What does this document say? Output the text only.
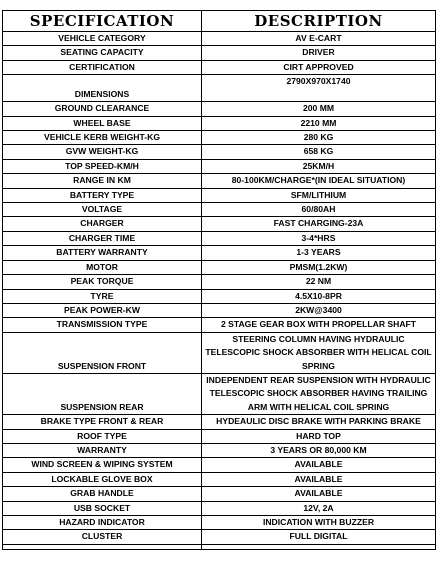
SPECIFICATION	DESCRIPTION
VEHICLE CATEGORY	AV E-CART
SEATING CAPACITY	DRIVER
CERTIFICATION	CIRT APPROVED
DIMENSIONS	2790X970X1740
GROUND CLEARANCE	200 MM
WHEEL BASE	2210 MM
VEHICLE KERB WEIGHT-KG	280 KG
GVW WEIGHT-KG	658 KG
TOP SPEED-KM/H	25KM/H
RANGE IN KM	80-100KM/CHARGE*(IN IDEAL SITUATION)
BATTERY TYPE	SFM/LITHIUM
VOLTAGE	60/80AH
CHARGER	FAST CHARGING-23A
CHARGER TIME	3-4*HRS
BATTERY WARRANTY	1-3 YEARS
MOTOR	PMSM(1.2KW)
PEAK TORQUE	22 NM
TYRE	4.5X10-8PR
PEAK POWER-KW	2KW@3400
TRANSMISSION TYPE	2 STAGE GEAR BOX WITH PROPELLAR SHAFT
SUSPENSION FRONT	STEERING COLUMN HAVING HYDRAULIC TELESCOPIC SHOCK ABSORBER WITH HELICAL COIL SPRING
SUSPENSION REAR	INDEPENDENT REAR SUSPENSION WITH HYDRAULIC TELESCOPIC SHOCK ABSORBER HAVING TRAILING ARM WITH HELICAL COIL SPRING
BRAKE TYPE FRONT & REAR	HYDEAULIC DISC BRAKE WITH PARKING BRAKE
ROOF TYPE	HARD TOP
WARRANTY	3 YEARS OR 80,000 KM
WIND SCREEN & WIPING SYSTEM	AVAILABLE
LOCKABLE GLOVE BOX	AVAILABLE
GRAB HANDLE	AVAILABLE
USB SOCKET	12V, 2A
HAZARD INDICATOR	INDICATION WITH BUZZER
CLUSTER	FULL DIGITAL
